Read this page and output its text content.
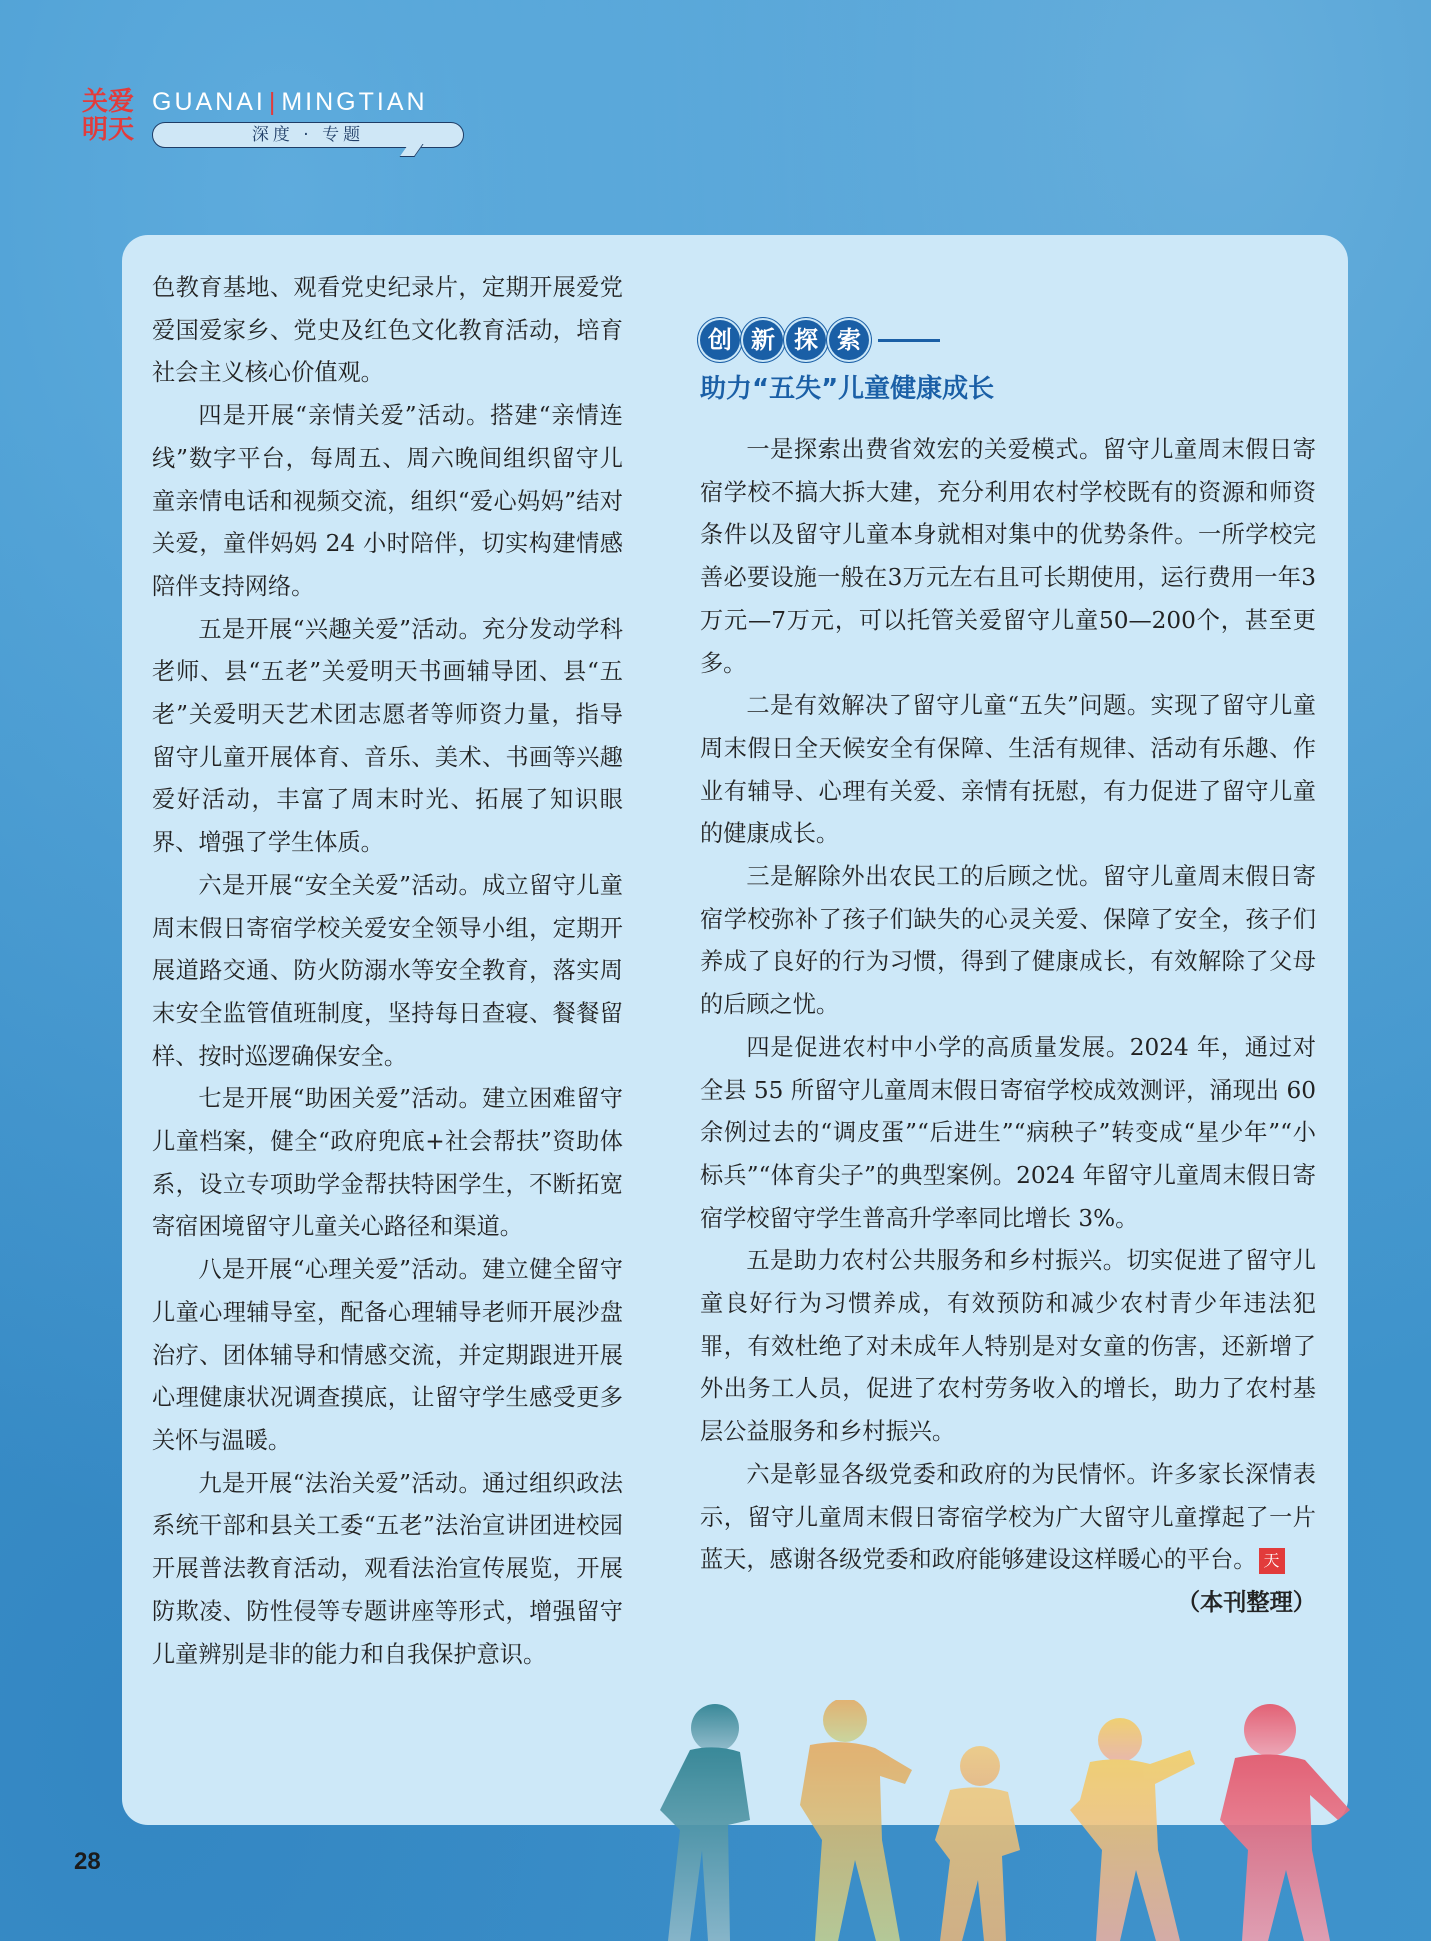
关爱
明天
GUANAI | MINGTIAN
深度 · 专题

色教育基地、观看党史纪录片，定期开展爱党爱国爱家乡、党史及红色文化教育活动，培育社会主义核心价值观。

四是开展“亲情关爱”活动。搭建“亲情连线”数字平台，每周五、周六晚间组织留守儿童亲情电话和视频交流，组织“爱心妈妈”结对关爱，童伴妈妈 24 小时陪伴，切实构建情感陪伴支持网络。

五是开展“兴趣关爱”活动。充分发动学科老师、县“五老”关爱明天书画辅导团、县“五老”关爱明天艺术团志愿者等师资力量，指导留守儿童开展体育、音乐、美术、书画等兴趣爱好活动，丰富了周末时光、拓展了知识眼界、增强了学生体质。

六是开展“安全关爱”活动。成立留守儿童周末假日寄宿学校关爱安全领导小组，定期开展道路交通、防火防溺水等安全教育，落实周末安全监管值班制度，坚持每日查寝、餐餐留样、按时巡逻确保安全。

七是开展“助困关爱”活动。建立困难留守儿童档案，健全“政府兜底+社会帮扶”资助体系，设立专项助学金帮扶特困学生，不断拓宽寄宿困境留守儿童关心路径和渠道。

八是开展“心理关爱”活动。建立健全留守儿童心理辅导室，配备心理辅导老师开展沙盘治疗、团体辅导和情感交流，并定期跟进开展心理健康状况调查摸底，让留守学生感受更多关怀与温暖。

九是开展“法治关爱”活动。通过组织政法系统干部和县关工委“五老”法治宣讲团进校园开展普法教育活动，观看法治宣传展览，开展防欺凌、防性侵等专题讲座等形式，增强留守儿童辨别是非的能力和自我保护意识。

创 新 探 索
助力“五失”儿童健康成长

一是探索出费省效宏的关爱模式。留守儿童周末假日寄宿学校不搞大拆大建，充分利用农村学校既有的资源和师资条件以及留守儿童本身就相对集中的优势条件。一所学校完善必要设施一般在3万元左右且可长期使用，运行费用一年3万元—7万元，可以托管关爱留守儿童50—200个，甚至更多。

二是有效解决了留守儿童“五失”问题。实现了留守儿童周末假日全天候安全有保障、生活有规律、活动有乐趣、作业有辅导、心理有关爱、亲情有抚慰，有力促进了留守儿童的健康成长。

三是解除外出农民工的后顾之忧。留守儿童周末假日寄宿学校弥补了孩子们缺失的心灵关爱、保障了安全，孩子们养成了良好的行为习惯，得到了健康成长，有效解除了父母的后顾之忧。

四是促进农村中小学的高质量发展。2024 年，通过对全县 55 所留守儿童周末假日寄宿学校成效测评，涌现出 60 余例过去的“调皮蛋”“后进生”“病秧子”转变成“星少年”“小标兵”“体育尖子”的典型案例。2024 年留守儿童周末假日寄宿学校留守学生普高升学率同比增长 3%。

五是助力农村公共服务和乡村振兴。切实促进了留守儿童良好行为习惯养成，有效预防和减少农村青少年违法犯罪，有效杜绝了对未成年人特别是对女童的伤害，还新增了外出务工人员，促进了农村劳务收入的增长，助力了农村基层公益服务和乡村振兴。

六是彰显各级党委和政府的为民情怀。许多家长深情表示，留守儿童周末假日寄宿学校为广大留守儿童撑起了一片蓝天，感谢各级党委和政府能够建设这样暖心的平台。 天
（本刊整理）

28
